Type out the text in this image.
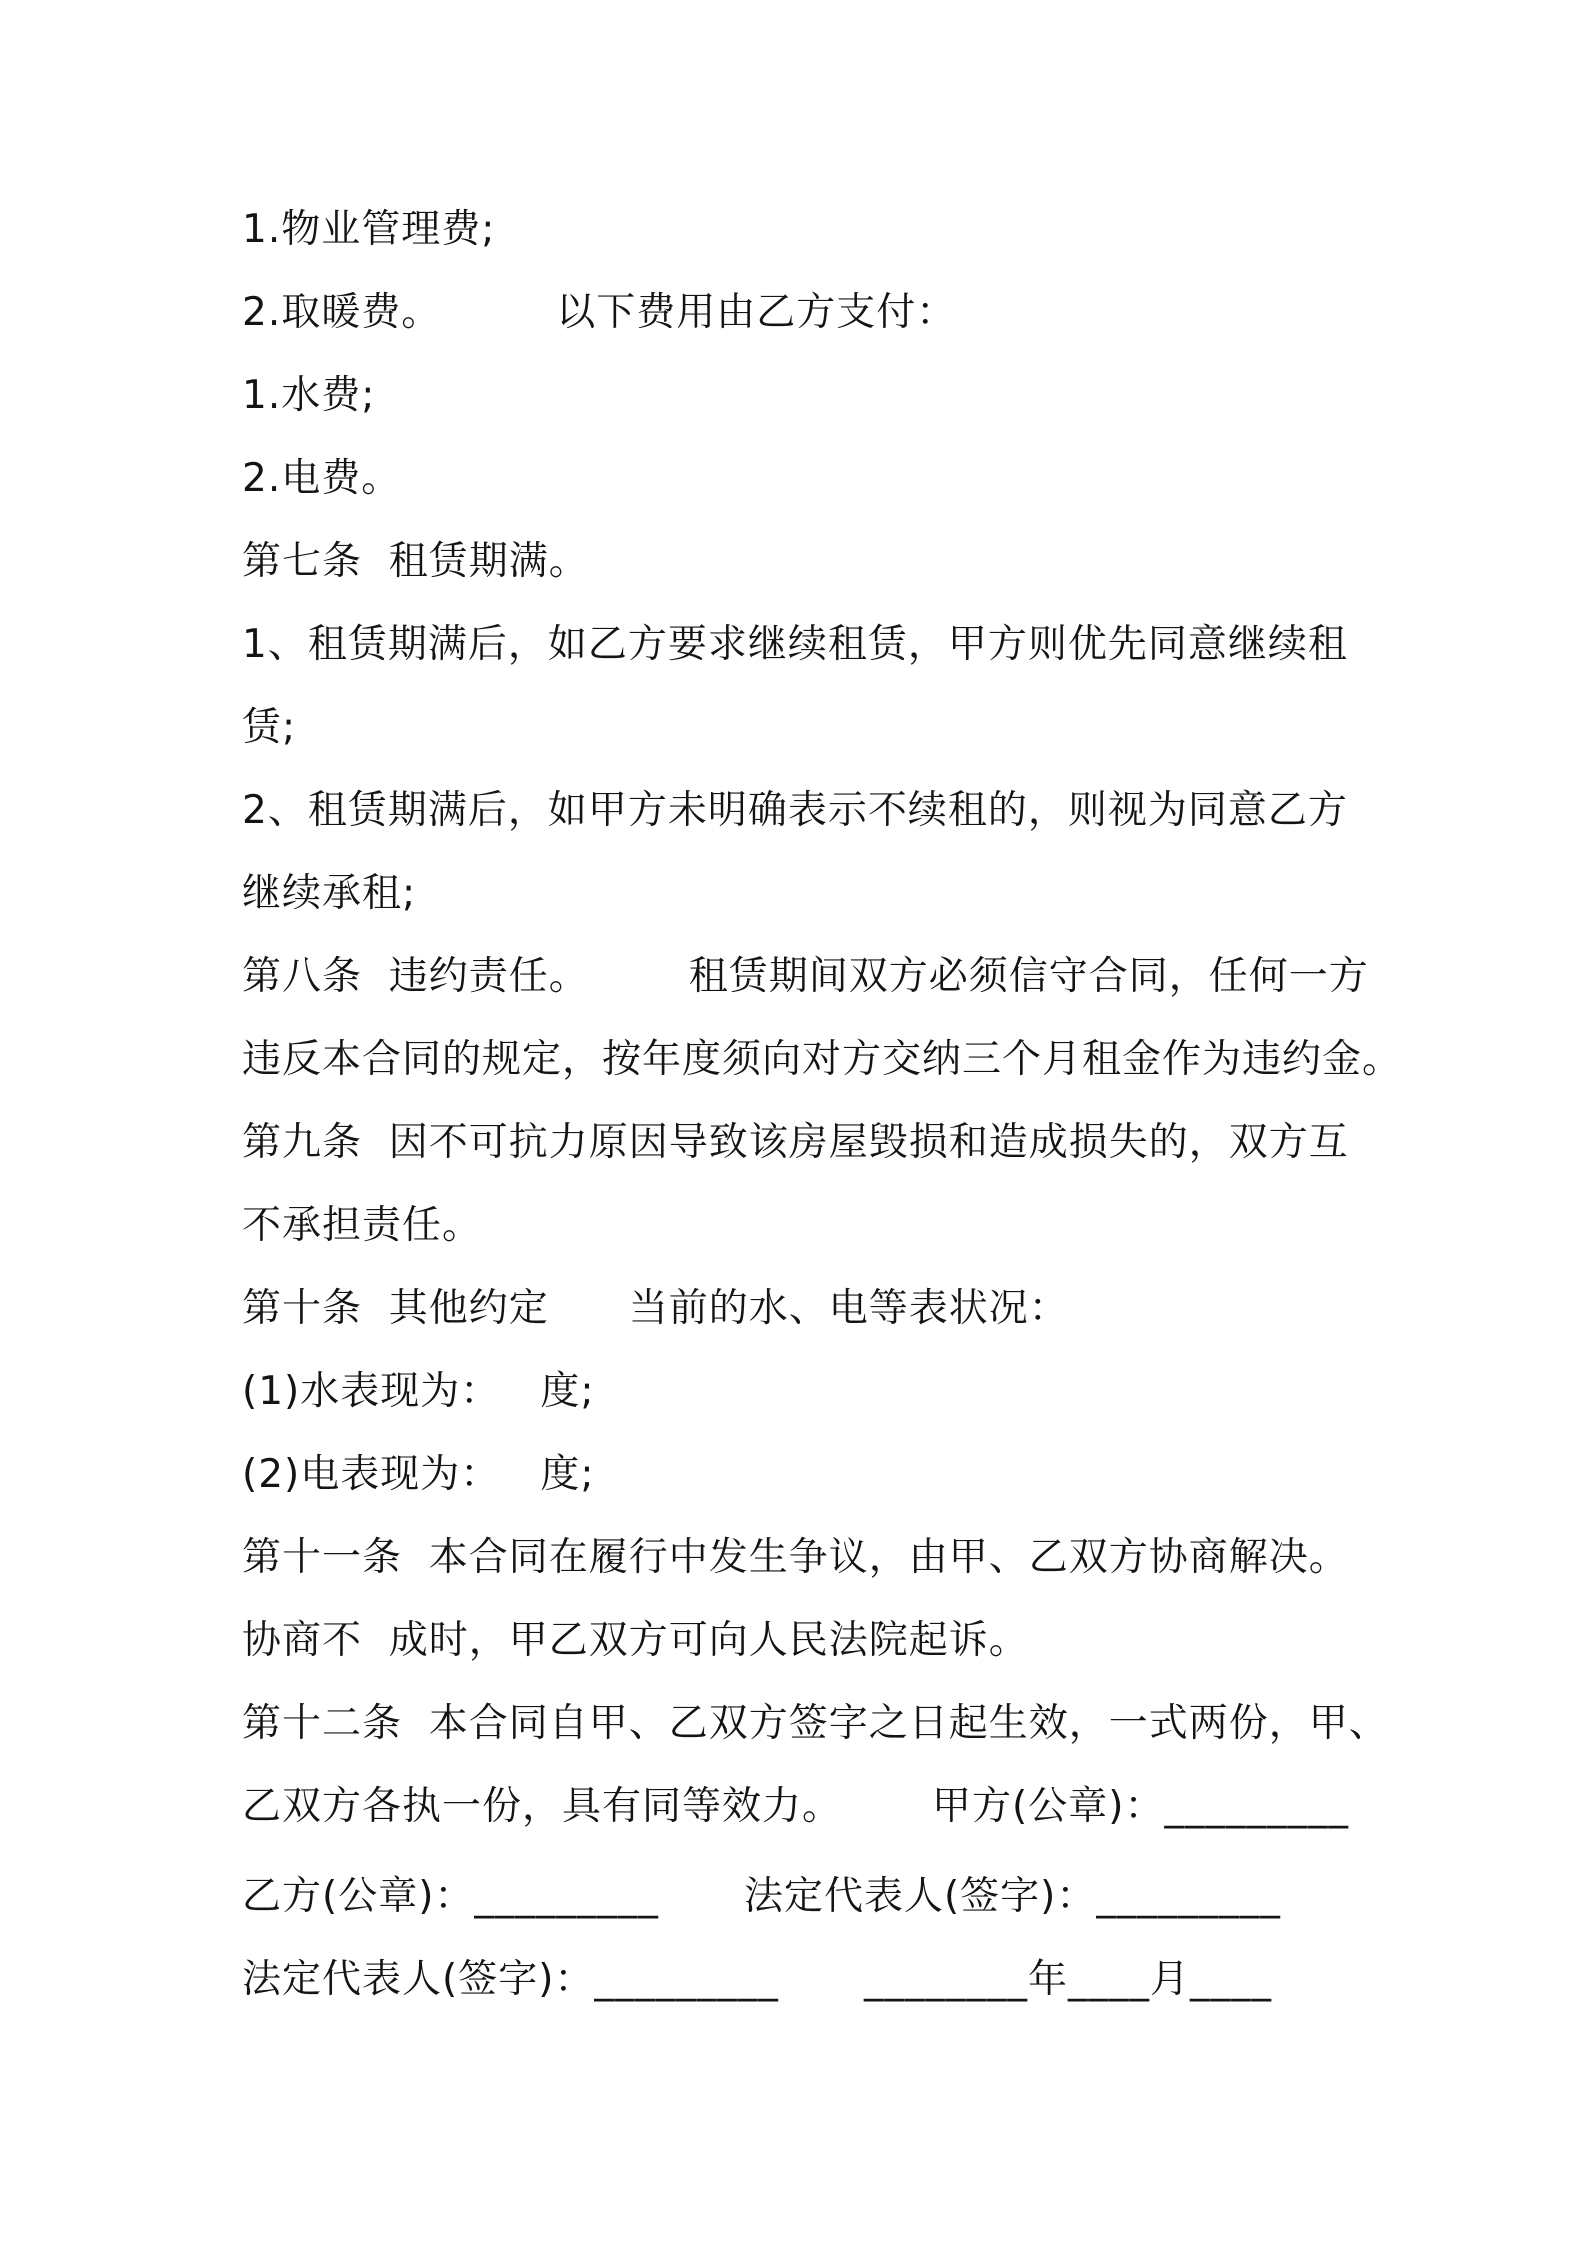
1.物业管理费;
2.取暖费。	以下费用由乙方支付：
1.水费;
2.电费。
第七条  租赁期满。
1、租赁期满后，如乙方要求继续租赁，甲方则优先同意继续租
赁;
2、租赁期满后，如甲方未明确表示不续租的，则视为同意乙方
继续承租;
第八条  违约责任。	租赁期间双方必须信守合同，任何一方
违反本合同的规定，按年度须向对方交纳三个月租金作为违约金。
第九条  因不可抗力原因导致该房屋毁损和造成损失的，双方互
不承担责任。
第十条  其他约定 当前的水、电等表状况：
(1)水表现为：   度;
(2)电表现为：   度;
第十一条  本合同在履行中发生争议，由甲、乙双方协商解决。
协商不  成时，甲乙双方可向人民法院起诉。
第十二条  本合同自甲、乙双方签字之日起生效，一式两份，甲、
乙双方各执一份，具有同等效力。 甲方(公章)：_________
乙方(公章)：_________ 法定代表人(签字)：_________
法定代表人(签字)：_________ ________年____月____
